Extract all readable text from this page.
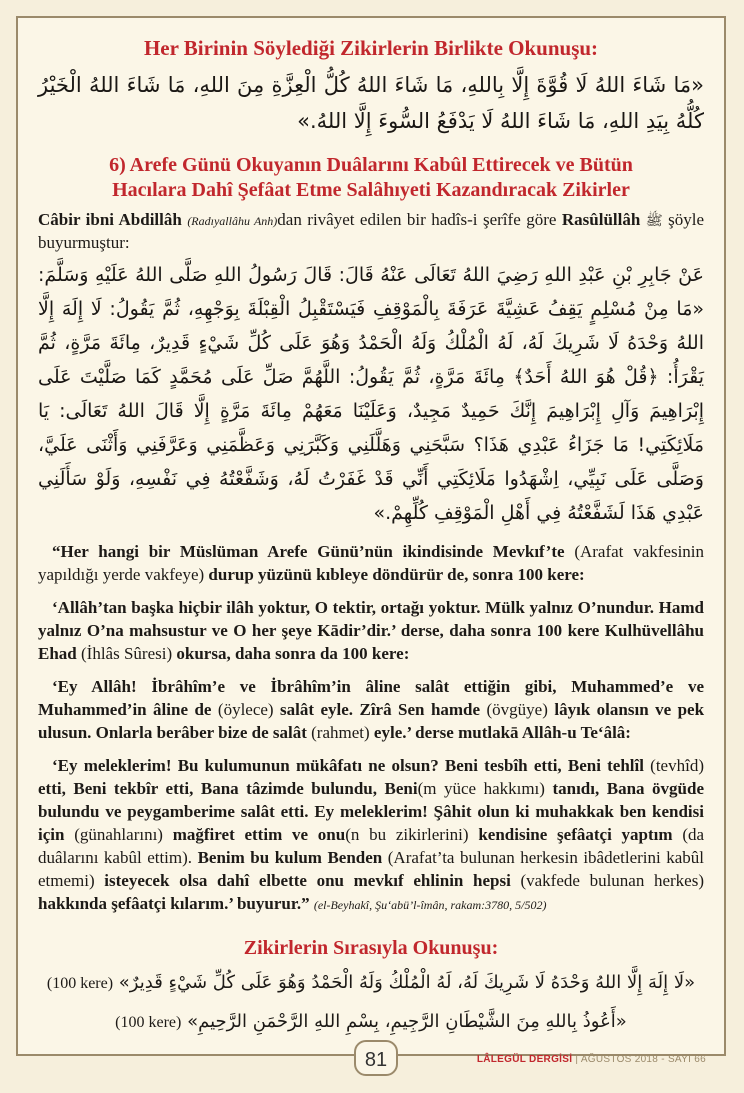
Her Birinin Söylediği Zikirlerin Birlikte Okunuşu:
«مَا شَاءَ اللهُ لَا قُوَّةَ إِلَّا بِاللهِ، مَا شَاءَ اللهُ كُلُّ الْعِزَّةِ مِنَ اللهِ، مَا شَاءَ اللهُ الْخَيْرُ كُلُّهُ بِيَدِ اللهِ، مَا شَاءَ اللهُ لَا يَدْفَعُ السُّوءَ إِلَّا اللهُ.»
6) Arefe Günü Okuyanın Duâlarını Kabûl Ettirecek ve Bütün
Hacılara Dahî Şefâat Etme Salâhıyeti Kazandıracak Zikirler
Câbir ibni Abdillâh (Radıyallâhu Anh)dan rivâyet edilen bir hadîs-i şerîfe göre Rasûlüllâh ﷺ şöyle buyurmuştur:
عَنْ جَابِرِ بْنِ عَبْدِ اللهِ رَضِيَ اللهُ تَعَالَى عَنْهُ قَالَ: قَالَ رَسُولُ اللهِ صَلَّى اللهُ عَلَيْهِ وَسَلَّمَ: «مَا مِنْ مُسْلِمٍ يَقِفُ عَشِيَّةَ عَرَفَةَ بِالْمَوْقِفِ فَيَسْتَقْبِلُ الْقِبْلَةَ بِوَجْهِهِ، ثُمَّ يَقُولُ: لَا إِلَهَ إِلَّا اللهُ وَحْدَهُ لَا شَرِيكَ لَهُ، لَهُ الْمُلْكُ وَلَهُ الْحَمْدُ وَهُوَ عَلَى كُلِّ شَيْءٍ قَدِيرٌ، مِائَةَ مَرَّةٍ، ثُمَّ يَقْرَأُ: ﴿قُلْ هُوَ اللهُ أَحَدٌ﴾ مِائَةَ مَرَّةٍ، ثُمَّ يَقُولُ: اللَّهُمَّ صَلِّ عَلَى مُحَمَّدٍ كَمَا صَلَّيْتَ عَلَى إِبْرَاهِيمَ وَآلِ إِبْرَاهِيمَ إِنَّكَ حَمِيدٌ مَجِيدٌ، وَعَلَيْنَا مَعَهُمْ مِائَةَ مَرَّةٍ إِلَّا قَالَ اللهُ تَعَالَى: يَا مَلَائِكَتِي! مَا جَزَاءُ عَبْدِي هَذَا؟ سَبَّحَنِي وَهَلَّلَنِي وَكَبَّرَنِي وَعَظَّمَنِي وَعَرَّفَنِي وَأَثْنَى عَلَيَّ، وَصَلَّى عَلَى نَبِيِّي، اِشْهَدُوا مَلَائِكَتِي أَنِّي قَدْ غَفَرْتُ لَهُ، وَشَفَّعْتُهُ فِي نَفْسِهِ، وَلَوْ سَأَلَنِي عَبْدِي هَذَا لَشَفَّعْتُهُ فِي أَهْلِ الْمَوْقِفِ كُلِّهِمْ.»

“Her hangi bir Müslüman Arefe Günü’nün ikindisinde Mevkıf’te (Arafat vakfesinin yapıldığı yerde vakfeye) durup yüzünü kıbleye döndürür de, sonra 100 kere:

‘Allâh’tan başka hiçbir ilâh yoktur, O tektir, ortağı yoktur. Mülk yalnız O’nundur. Hamd yalnız O’na mahsustur ve O her şeye Kādir’dir.’ derse, daha sonra 100 kere Kulhüvellâhu Ehad (İhlâs Sûresi) okursa, daha sonra da 100 kere:

‘Ey Allâh! İbrâhîm’e ve İbrâhîm’in âline salât ettiğin gibi, Muhammed’e ve Muhammed’in âline de (öylece) salât eyle. Zîrâ Sen hamde (övgüye) lâyık olansın ve pek ulusun. Onlarla berâber bize de salât (rahmet) eyle.’ derse mutlakā Allâh-u Te‘âlâ:

‘Ey meleklerim! Bu kulumunun mükâfatı ne olsun? Beni tesbîh etti, Beni tehlîl (tevhîd) etti, Beni tekbîr etti, Bana tâzimde bulundu, Beni(m yüce hakkımı) tanıdı, Bana övgüde bulundu ve peygamberime salât etti. Ey meleklerim! Şâhit olun ki muhakkak ben kendisi için (günahlarını) mağfiret ettim ve onu(n bu zikirlerini) kendisine şefâatçi yaptım (da duâlarını kabûl ettim). Benim bu kulum Benden (Arafat’ta bulunan herkesin ibâdetlerini kabûl etmemi) isteyecek olsa dahî elbette onu mevkıf ehlinin hepsi (vakfede bulunan herkes) hakkında şefâatçi kılarım.’ buyurur.” (el-Beyhakî, Şu‘abü’l-îmân, rakam:3780, 5/502)

Zikirlerin Sırasıyla Okunuşu:
«لَا إِلَهَ إِلَّا اللهُ وَحْدَهُ لَا شَرِيكَ لَهُ، لَهُ الْمُلْكُ وَلَهُ الْحَمْدُ وَهُوَ عَلَى كُلِّ شَيْءٍ قَدِيرٌ» (100 kere)
«أَعُوذُ بِاللهِ مِنَ الشَّيْطَانِ الرَّجِيمِ، بِسْمِ اللهِ الرَّحْمَنِ الرَّحِيمِ» (100 kere)
81	LÂLEGÜL DERGİSİ | AĞUSTOS 2018 - SAYI 66
